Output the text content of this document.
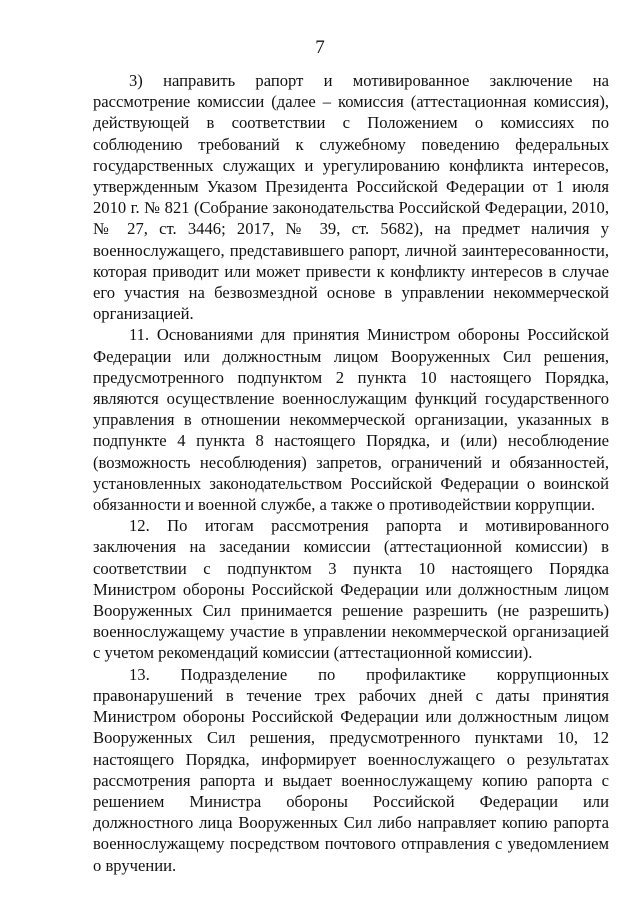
7

3) направить рапорт и мотивированное заключение на рассмотрение комиссии (далее – комиссия (аттестационная комиссия), действующей в соответствии с Положением о комиссиях по соблюдению требований к служебному поведению федеральных государственных служащих и урегулированию конфликта интересов, утвержденным Указом Президента Российской Федерации от 1 июля 2010 г. № 821 (Собрание законодательства Российской Федерации, 2010, № 27, ст. 3446; 2017, № 39, ст. 5682), на предмет наличия у военнослужащего, представившего рапорт, личной заинтересованности, которая приводит или может привести к конфликту интересов в случае его участия на безвозмездной основе в управлении некоммерческой организацией.

11. Основаниями для принятия Министром обороны Российской Федерации или должностным лицом Вооруженных Сил решения, предусмотренного подпунктом 2 пункта 10 настоящего Порядка, являются осуществление военнослужащим функций государственного управления в отношении некоммерческой организации, указанных в подпункте 4 пункта 8 настоящего Порядка, и (или) несоблюдение (возможность несоблюдения) запретов, ограничений и обязанностей, установленных законодательством Российской Федерации о воинской обязанности и военной службе, а также о противодействии коррупции.

12. По итогам рассмотрения рапорта и мотивированного заключения на заседании комиссии (аттестационной комиссии) в соответствии с подпунктом 3 пункта 10 настоящего Порядка Министром обороны Российской Федерации или должностным лицом Вооруженных Сил принимается решение разрешить (не разрешить) военнослужащему участие в управлении некоммерческой организацией с учетом рекомендаций комиссии (аттестационной комиссии).

13. Подразделение по профилактике коррупционных правонарушений в течение трех рабочих дней с даты принятия Министром обороны Российской Федерации или должностным лицом Вооруженных Сил решения, предусмотренного пунктами 10, 12 настоящего Порядка, информирует военнослужащего о результатах рассмотрения рапорта и выдает военнослужащему копию рапорта с решением Министра обороны Российской Федерации или должностного лица Вооруженных Сил либо направляет копию рапорта военнослужащему посредством почтового отправления с уведомлением о вручении.
